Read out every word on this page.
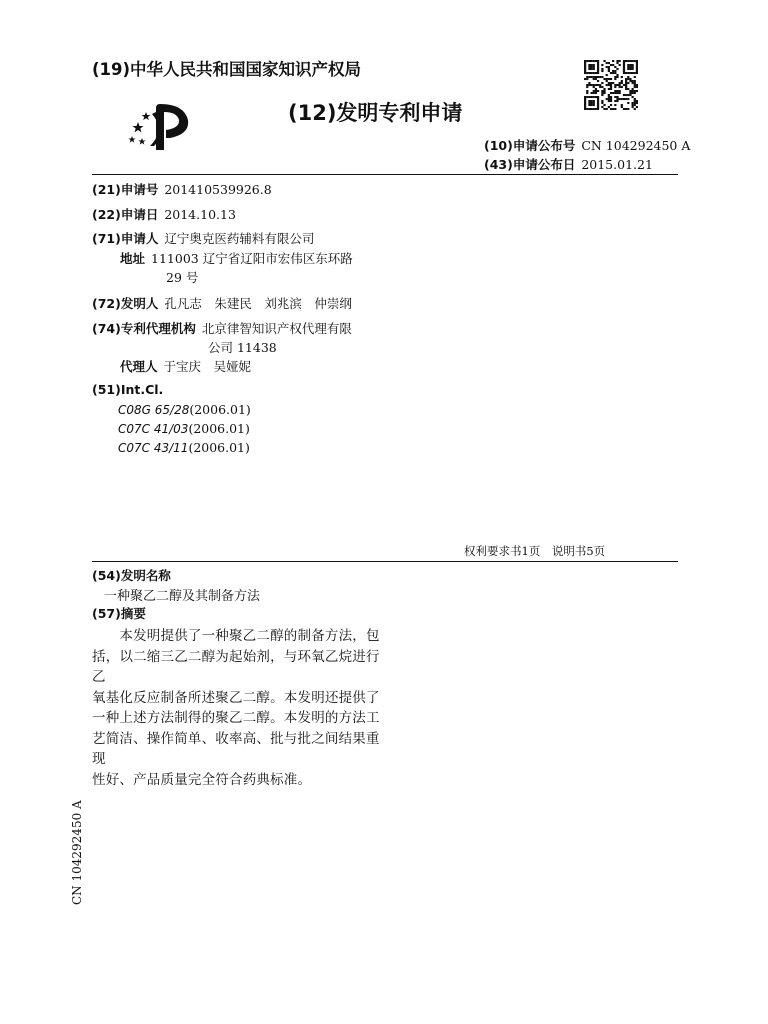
(19)中华人民共和国国家知识产权局
(12)发明专利申请
(10)申请公布号 CN 104292450 A
(43)申请公布日 2015.01.21
(21)申请号 201410539926.8
(22)申请日 2014.10.13
(71)申请人 辽宁奥克医药辅料有限公司
地址 111003 辽宁省辽阳市宏伟区东环路
29 号
(72)发明人 孔凡志　朱建民　刘兆滨　仲崇纲
(74)专利代理机构 北京律智知识产权代理有限
公司 11438
代理人 于宝庆　吴娅妮
(51)Int.Cl.
C08G 65/28(2006.01)
C07C 41/03(2006.01)
C07C 43/11(2006.01)
权利要求书1页　说明书5页
(54)发明名称
一种聚乙二醇及其制备方法
(57)摘要
　　本发明提供了一种聚乙二醇的制备方法，包
括，以二缩三乙二醇为起始剂，与环氧乙烷进行乙
氧基化反应制备所述聚乙二醇。本发明还提供了
一种上述方法制得的聚乙二醇。本发明的方法工
艺简洁、操作简单、收率高、批与批之间结果重现
性好、产品质量完全符合药典标准。
CN 104292450 A
